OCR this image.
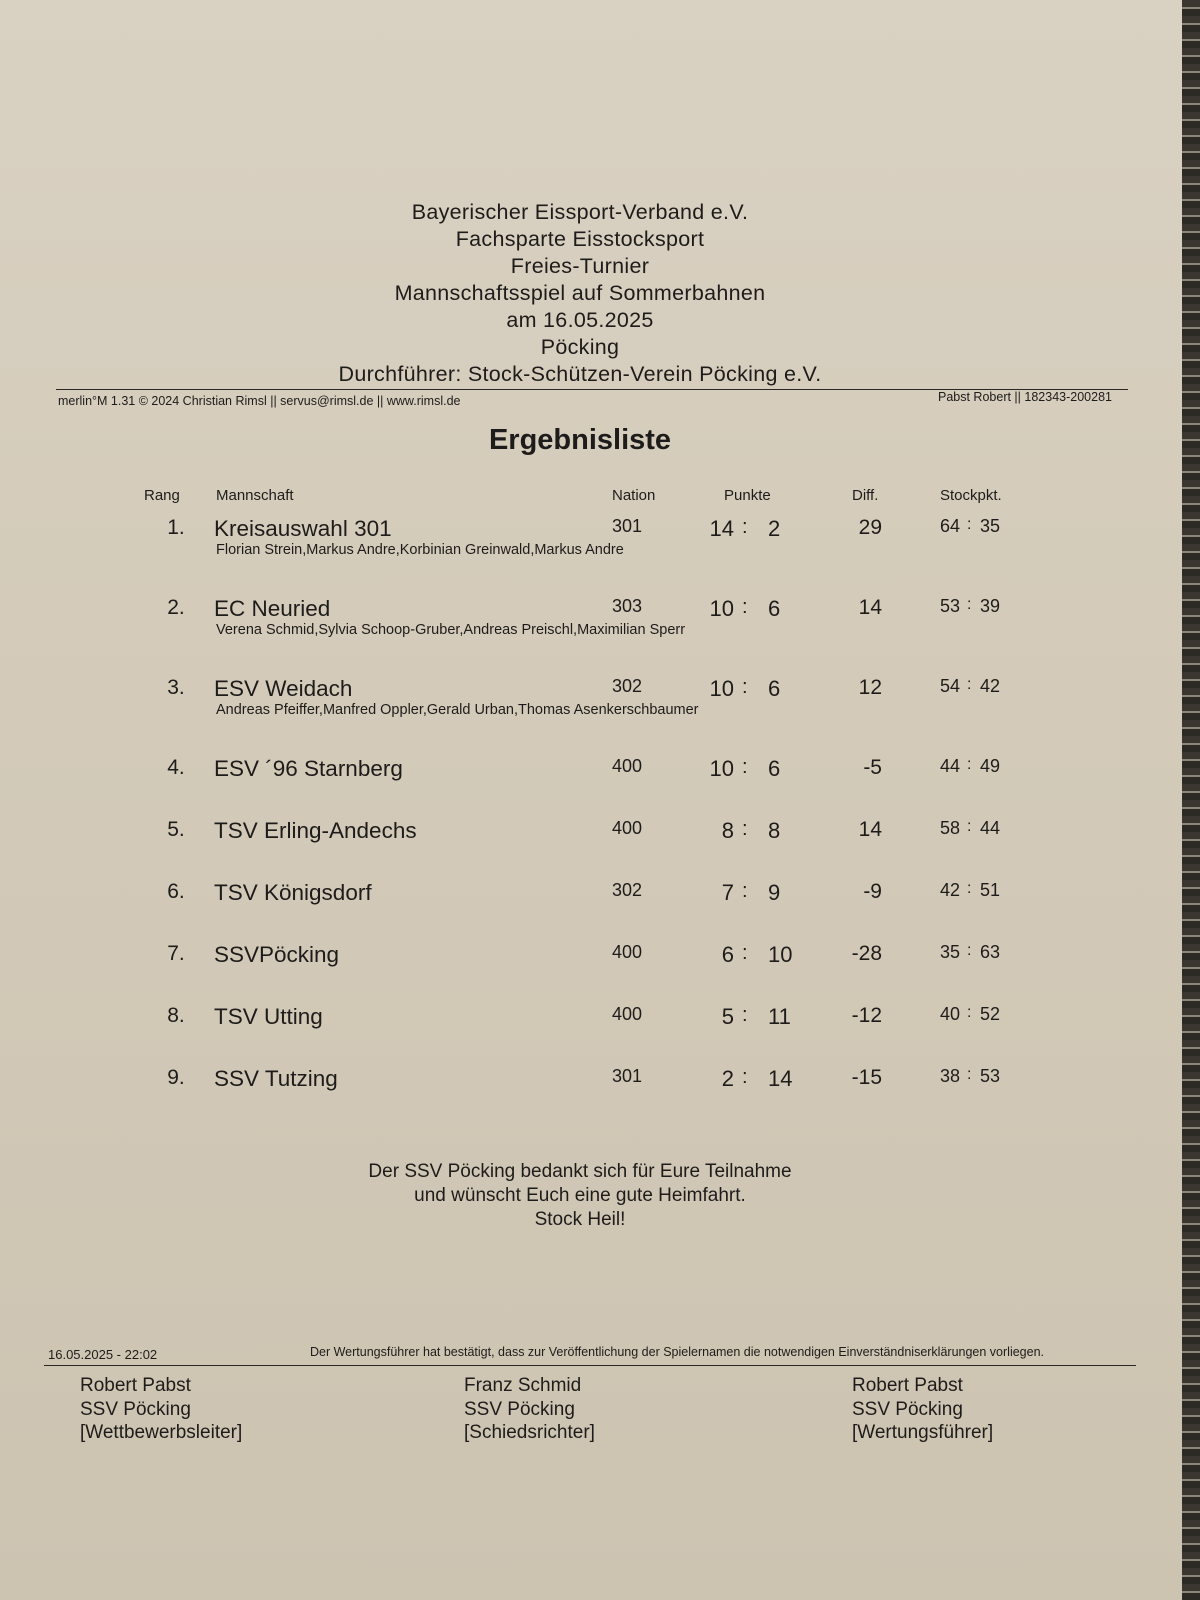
Bayerischer Eissport-Verband e.V.
Fachsparte Eisstocksport
Freies-Turnier
Mannschaftsspiel auf Sommerbahnen
am 16.05.2025
Pöcking
Durchführer: Stock-Schützen-Verein Pöcking e.V.
merlin°M 1.31 © 2024 Christian Rimsl || servus@rimsl.de || www.rimsl.de	Pabst Robert || 182343-200281
Ergebnisliste
Rang Mannschaft	Nation	Punkte	Diff.	Stockpkt.
1. Kreisauswahl 301	301	14 : 2	29	64 : 35
Florian Strein,Markus Andre,Korbinian Greinwald,Markus Andre
2. EC Neuried	303	10 : 6	14	53 : 39
Verena Schmid,Sylvia Schoop-Gruber,Andreas Preischl,Maximilian Sperr
3. ESV Weidach	302	10 : 6	12	54 : 42
Andreas Pfeiffer,Manfred Oppler,Gerald Urban,Thomas Asenkerschbaumer
4. ESV ´96 Starnberg	400	10 : 6	-5	44 : 49
5. TSV Erling-Andechs	400	8 : 8	14	58 : 44
6. TSV Königsdorf	302	7 : 9	-9	42 : 51
7. SSVPöcking	400	6 : 10	-28	35 : 63
8. TSV Utting	400	5 : 11	-12	40 : 52
9. SSV Tutzing	301	2 : 14	-15	38 : 53
Der SSV Pöcking bedankt sich für Eure Teilnahme
und wünscht Euch eine gute Heimfahrt.
Stock Heil!
16.05.2025 - 22:02	Der Wertungsführer hat bestätigt, dass zur Veröffentlichung der Spielernamen die notwendigen Einverständniserklärungen vorliegen.
Robert Pabst
SSV Pöcking
[Wettbewerbsleiter]
Franz Schmid
SSV Pöcking
[Schiedsrichter]
Robert Pabst
SSV Pöcking
[Wertungsführer]
